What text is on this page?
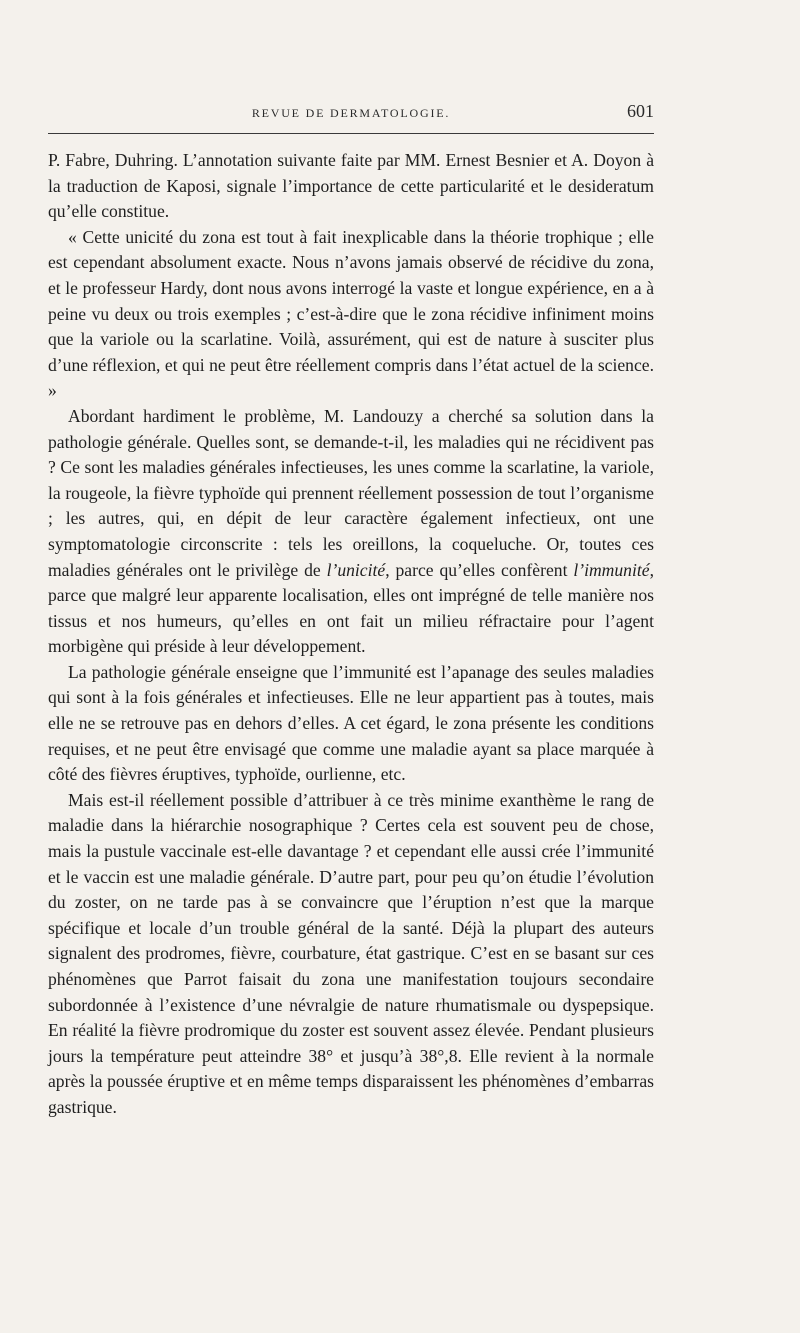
REVUE DE DERMATOLOGIE.	601

P. Fabre, Duhring. L’annotation suivante faite par MM. Ernest Besnier et A. Doyon à la traduction de Kaposi, signale l’importance de cette particularité et le desideratum qu’elle constitue.

« Cette unicité du zona est tout à fait inexplicable dans la théorie trophique ; elle est cependant absolument exacte. Nous n’avons jamais observé de récidive du zona, et le professeur Hardy, dont nous avons interrogé la vaste et longue expérience, en a à peine vu deux ou trois exemples ; c’est-à-dire que le zona récidive infiniment moins que la variole ou la scarlatine. Voilà, assurément, qui est de nature à susciter plus d’une réflexion, et qui ne peut être réellement compris dans l’état actuel de la science. »

Abordant hardiment le problème, M. Landouzy a cherché sa solution dans la pathologie générale. Quelles sont, se demande-t-il, les maladies qui ne récidivent pas ? Ce sont les maladies générales infectieuses, les unes comme la scarlatine, la variole, la rougeole, la fièvre typhoïde qui prennent réellement possession de tout l’organisme ; les autres, qui, en dépit de leur caractère également infectieux, ont une symptomatologie circonscrite : tels les oreillons, la coqueluche. Or, toutes ces maladies générales ont le privilège de l’unicité, parce qu’elles confèrent l’immunité, parce que malgré leur apparente localisation, elles ont imprégné de telle manière nos tissus et nos humeurs, qu’elles en ont fait un milieu réfractaire pour l’agent morbigène qui préside à leur développement.

La pathologie générale enseigne que l’immunité est l’apanage des seules maladies qui sont à la fois générales et infectieuses. Elle ne leur appartient pas à toutes, mais elle ne se retrouve pas en dehors d’elles. A cet égard, le zona présente les conditions requises, et ne peut être envisagé que comme une maladie ayant sa place marquée à côté des fièvres éruptives, typhoïde, ourlienne, etc.

Mais est-il réellement possible d’attribuer à ce très minime exanthème le rang de maladie dans la hiérarchie nosographique ? Certes cela est souvent peu de chose, mais la pustule vaccinale est-elle davantage ? et cependant elle aussi crée l’immunité et le vaccin est une maladie générale. D’autre part, pour peu qu’on étudie l’évolution du zoster, on ne tarde pas à se convaincre que l’éruption n’est que la marque spécifique et locale d’un trouble général de la santé. Déjà la plupart des auteurs signalent des prodromes, fièvre, courbature, état gastrique. C’est en se basant sur ces phénomènes que Parrot faisait du zona une manifestation toujours secondaire subordonnée à l’existence d’une névralgie de nature rhumatismale ou dyspepsique. En réalité la fièvre prodromique du zoster est souvent assez élevée. Pendant plusieurs jours la température peut atteindre 38° et jusqu’à 38°,8. Elle revient à la normale après la poussée éruptive et en même temps disparaissent les phénomènes d’embarras gastrique.
